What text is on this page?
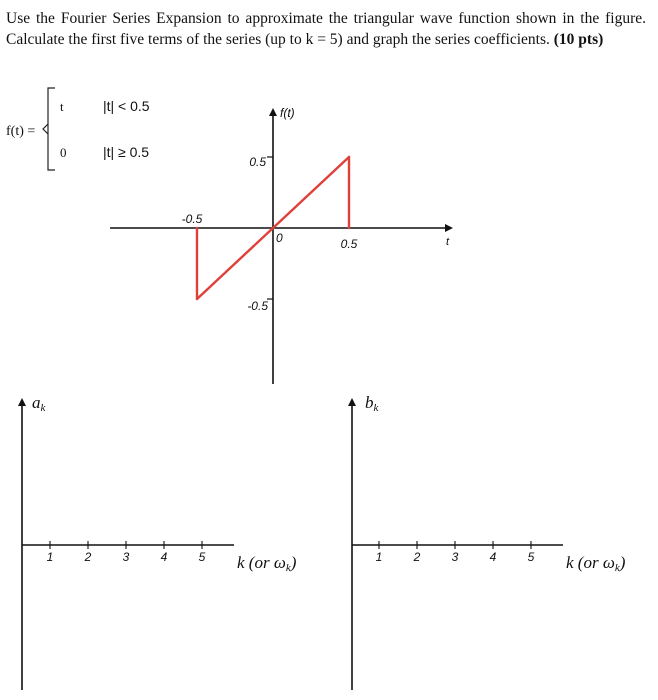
Use the Fourier Series Expansion to approximate the triangular wave function shown in the figure. Calculate the first five terms of the series (up to k = 5) and graph the series coefficients. (10 pts)
f(t) =
t	|t| < 0.5
0	|t| ≥ 0.5
f(t)
t
0
0.5
-0.5
0.5
-0.5
ak
k (or ωk)
1	2	3	4	5
bk
k (or ωk)
1	2	3	4	5
